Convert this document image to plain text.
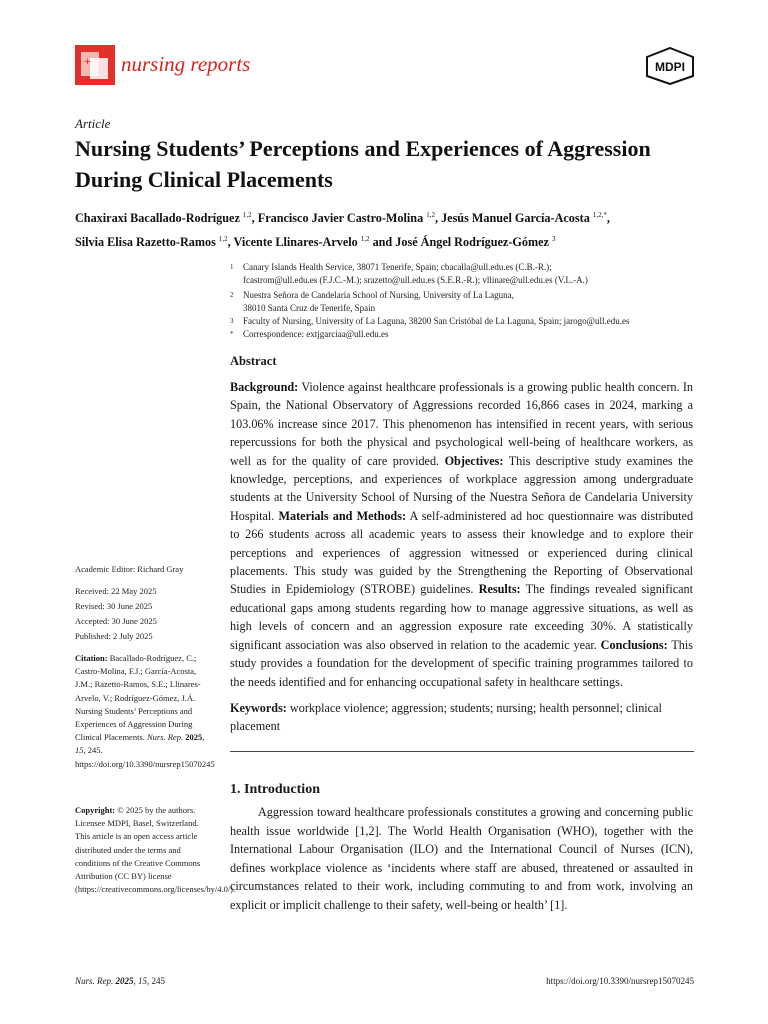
+ nursing reports	MDPI
Article
Nursing Students’ Perceptions and Experiences of Aggression During Clinical Placements
Chaxiraxi Bacallado-Rodríguez $^{1,2}$, Francisco Javier Castro-Molina $^{1,2}$, Jesús Manuel García-Acosta $^{1,2,*}$,
Silvia Elisa Razetto-Ramos $^{1,2}$, Vicente Llinares-Arvelo $^{1,2}$ and José Ángel Rodríguez-Gómez $^3$
1 Canary Islands Health Service, 38071 Tenerife, Spain; cbacalla@ull.edu.es (C.B.-R.);
fcastrom@ull.edu.es (F.J.C.-M.); srazetto@ull.edu.es (S.E.R.-R.); vllinare@ull.edu.es (V.L.-A.)
2 Nuestra Señora de Candelaria School of Nursing, University of La Laguna,
38010 Santa Cruz de Tenerife, Spain
3 Faculty of Nursing, University of La Laguna, 38200 San Cristóbal de La Laguna, Spain; jarogo@ull.edu.es
* Correspondence: extjgarciaa@ull.edu.es
Abstract
Background: Violence against healthcare professionals is a growing public health concern. In Spain, the National Observatory of Aggressions recorded 16,866 cases in 2024, marking a 103.06% increase since 2017. This phenomenon has intensified in recent years, with serious repercussions for both the physical and psychological well-being of healthcare workers, as well as for the quality of care provided. Objectives: This descriptive study examines the knowledge, perceptions, and experiences of workplace aggression among undergraduate students at the University School of Nursing of the Nuestra Señora de Candelaria University Hospital. Materials and Methods: A self-administered ad hoc questionnaire was distributed to 266 students across all academic years to assess their knowledge and to explore their perceptions and experiences of aggression witnessed or experienced during clinical placements. This study was guided by the Strengthening the Reporting of Observational Studies in Epidemiology (STROBE) guidelines. Results: The findings revealed significant educational gaps among students regarding how to manage aggressive situations, as well as high levels of concern and an aggression exposure rate exceeding 30%. A statistically significant association was also observed in relation to the academic year. Conclusions: This study provides a foundation for the development of specific training programmes tailored to the needs identified and for enhancing occupational safety in healthcare settings.
Keywords: workplace violence; aggression; students; nursing; health personnel; clinical placement
1. Introduction
Aggression toward healthcare professionals constitutes a growing and concerning public health issue worldwide [1,2]. The World Health Organisation (WHO), together with the International Labour Organisation (ILO) and the International Council of Nurses (ICN), defines workplace violence as ‘incidents where staff are abused, threatened or assaulted in circumstances related to their work, including commuting to and from work, involving an explicit or implicit challenge to their safety, well-being or health’ [1].
Academic Editor: Richard Gray
Received: 22 May 2025
Revised: 30 June 2025
Accepted: 30 June 2025
Published: 2 July 2025
Citation: Bacallado-Rodríguez, C.; Castro-Molina, F.J.; García-Acosta, J.M.; Razetto-Ramos, S.E.; Llinares-Arvelo, V.; Rodríguez-Gómez, J.Á. Nursing Students’ Perceptions and Experiences of Aggression During Clinical Placements. Nurs. Rep. 2025, 15, 245. https://doi.org/10.3390/nursrep15070245
Copyright: © 2025 by the authors. Licensee MDPI, Basel, Switzerland. This article is an open access article distributed under the terms and conditions of the Creative Commons Attribution (CC BY) license (https://creativecommons.org/licenses/by/4.0/).
Nurs. Rep. 2025, 15, 245	https://doi.org/10.3390/nursrep15070245
